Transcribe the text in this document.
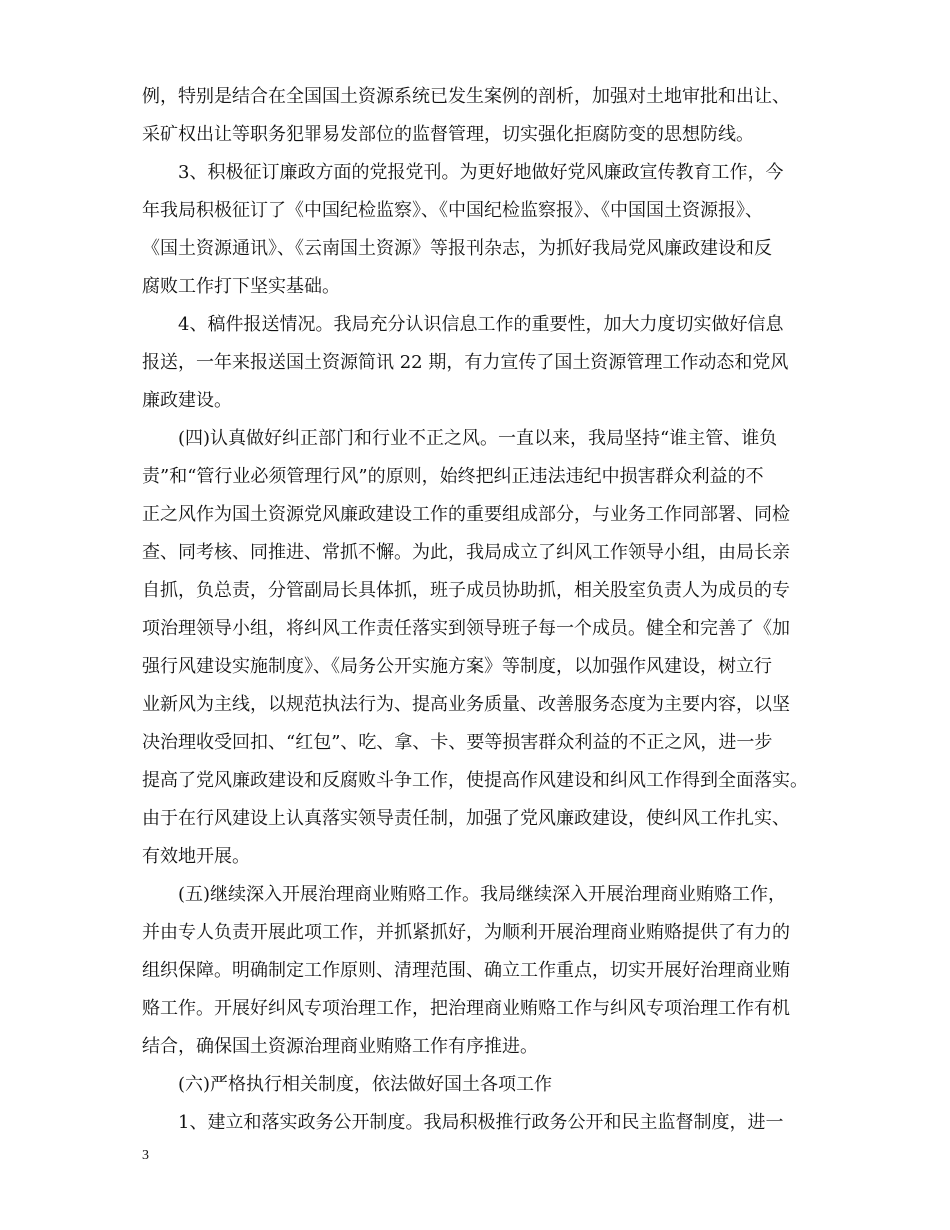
例，特别是结合在全国国土资源系统已发生案例的剖析，加强对土地审批和出让、
采矿权出让等职务犯罪易发部位的监督管理，切实强化拒腐防变的思想防线。
3、积极征订廉政方面的党报党刊。为更好地做好党风廉政宣传教育工作，今
年我局积极征订了《中国纪检监察》、《中国纪检监察报》、《中国国土资源报》、
《国土资源通讯》、《云南国土资源》等报刊杂志，为抓好我局党风廉政建设和反
腐败工作打下坚实基础。
4、稿件报送情况。我局充分认识信息工作的重要性，加大力度切实做好信息
报送，一年来报送国土资源简讯 22 期，有力宣传了国土资源管理工作动态和党风
廉政建设。
(四)认真做好纠正部门和行业不正之风。一直以来，我局坚持“谁主管、谁负
责”和“管行业必须管理行风”的原则，始终把纠正违法违纪中损害群众利益的不
正之风作为国土资源党风廉政建设工作的重要组成部分，与业务工作同部署、同检
查、同考核、同推进、常抓不懈。为此，我局成立了纠风工作领导小组，由局长亲
自抓，负总责，分管副局长具体抓，班子成员协助抓，相关股室负责人为成员的专
项治理领导小组，将纠风工作责任落实到领导班子每一个成员。健全和完善了《加
强行风建设实施制度》、《局务公开实施方案》等制度，以加强作风建设，树立行
业新风为主线，以规范执法行为、提高业务质量、改善服务态度为主要内容，以坚
决治理收受回扣、“红包”、吃、拿、卡、要等损害群众利益的不正之风，进一步
提高了党风廉政建设和反腐败斗争工作，使提高作风建设和纠风工作得到全面落实。
由于在行风建设上认真落实领导责任制，加强了党风廉政建设，使纠风工作扎实、
有效地开展。
(五)继续深入开展治理商业贿赂工作。我局继续深入开展治理商业贿赂工作，
并由专人负责开展此项工作，并抓紧抓好，为顺利开展治理商业贿赂提供了有力的
组织保障。明确制定工作原则、清理范围、确立工作重点，切实开展好治理商业贿
赂工作。开展好纠风专项治理工作，把治理商业贿赂工作与纠风专项治理工作有机
结合，确保国土资源治理商业贿赂工作有序推进。
(六)严格执行相关制度，依法做好国土各项工作
1、建立和落实政务公开制度。我局积极推行政务公开和民主监督制度，进一
3
